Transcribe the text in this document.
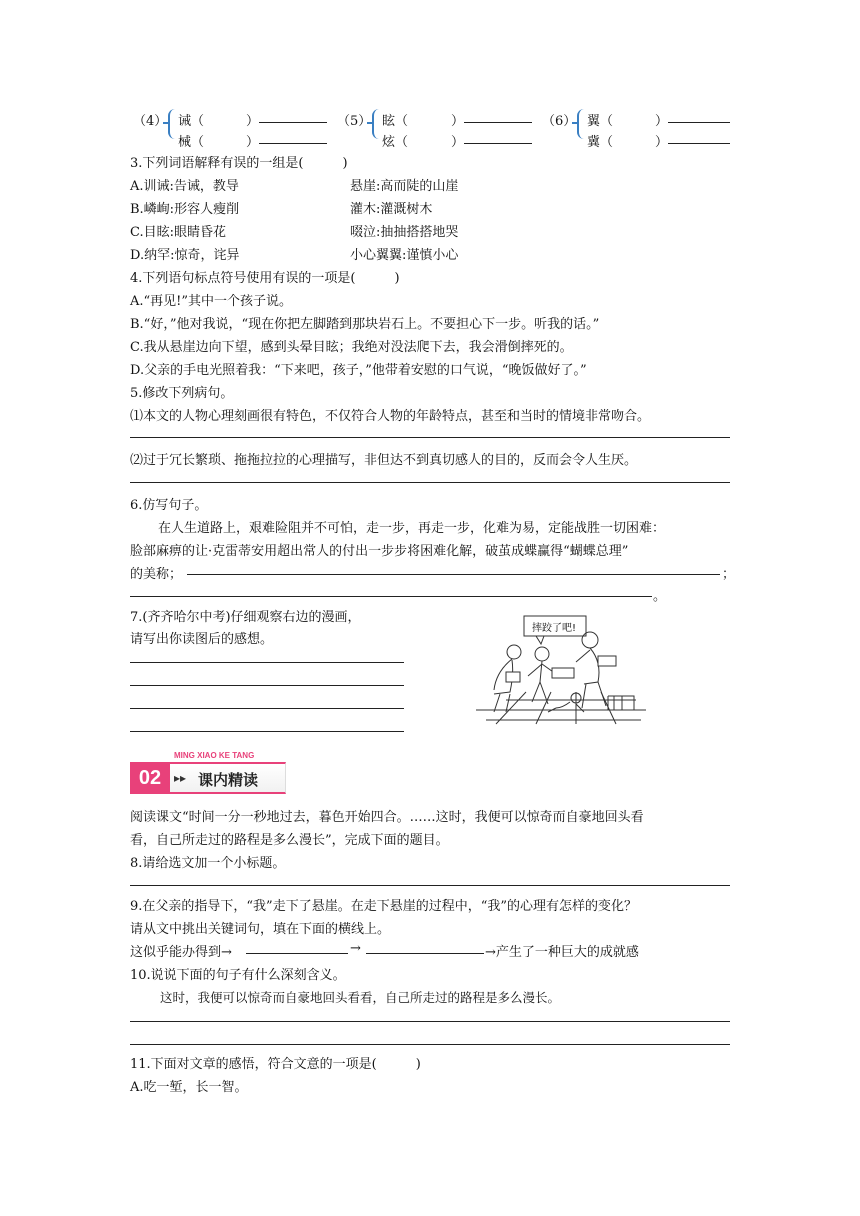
（4） 诫（	）
械（	）
（5） 眩（	）
炫（	）
（6） 翼（	）
冀（	）
3.下列词语解释有误的一组是(　　　)
A.训诫:告诫，教导	悬崖:高而陡的山崖
B.嶙峋:形容人瘦削	灌木:灌溉树木
C.目眩:眼睛昏花	啜泣:抽抽搭搭地哭
D.纳罕:惊奇，诧异	小心翼翼:谨慎小心
4.下列语句标点符号使用有误的一项是(　　　)
A.“再见!”其中一个孩子说。
B.“好，”他对我说，“现在你把左脚踏到那块岩石上。不要担心下一步。听我的话。”
C.我从悬崖边向下望，感到头晕目眩；我绝对没法爬下去，我会滑倒摔死的。
D.父亲的手电光照着我：“下来吧，孩子，”他带着安慰的口气说，“晚饭做好了。”
5.修改下列病句。
⑴本文的人物心理刻画很有特色，不仅符合人物的年龄特点，甚至和当时的情境非常吻合。
⑵过于冗长繁琐、拖拖拉拉的心理描写，非但达不到真切感人的目的，反而会令人生厌。
6.仿写句子。
在人生道路上，艰难险阻并不可怕，走一步，再走一步，化难为易，定能战胜一切困难：
脸部麻痹的让·克雷蒂安用超出常人的付出一步步将困难化解，破茧成蝶赢得“蝴蝶总理”
的美称；	；
。
7.(齐齐哈尔中考)仔细观察右边的漫画，
请写出你读图后的感想。
摔跤了吧!
02
MING XIAO KE TANG
▸▸ 课内精读
阅读课文“时间一分一秒地过去，暮色开始四合。……这时，我便可以惊奇而自豪地回头看
看，自己所走过的路程是多么漫长”，完成下面的题目。
8.请给选文加一个小标题。
9.在父亲的指导下，“我”走下了悬崖。在走下悬崖的过程中，“我”的心理有怎样的变化？
请从文中挑出关键词句，填在下面的横线上。
这似乎能办得到→	→	→产生了一种巨大的成就感
10.说说下面的句子有什么深刻含义。
这时，我便可以惊奇而自豪地回头看看，自己所走过的路程是多么漫长。
11.下面对文章的感悟，符合文意的一项是(　　　)
A.吃一堑，长一智。
